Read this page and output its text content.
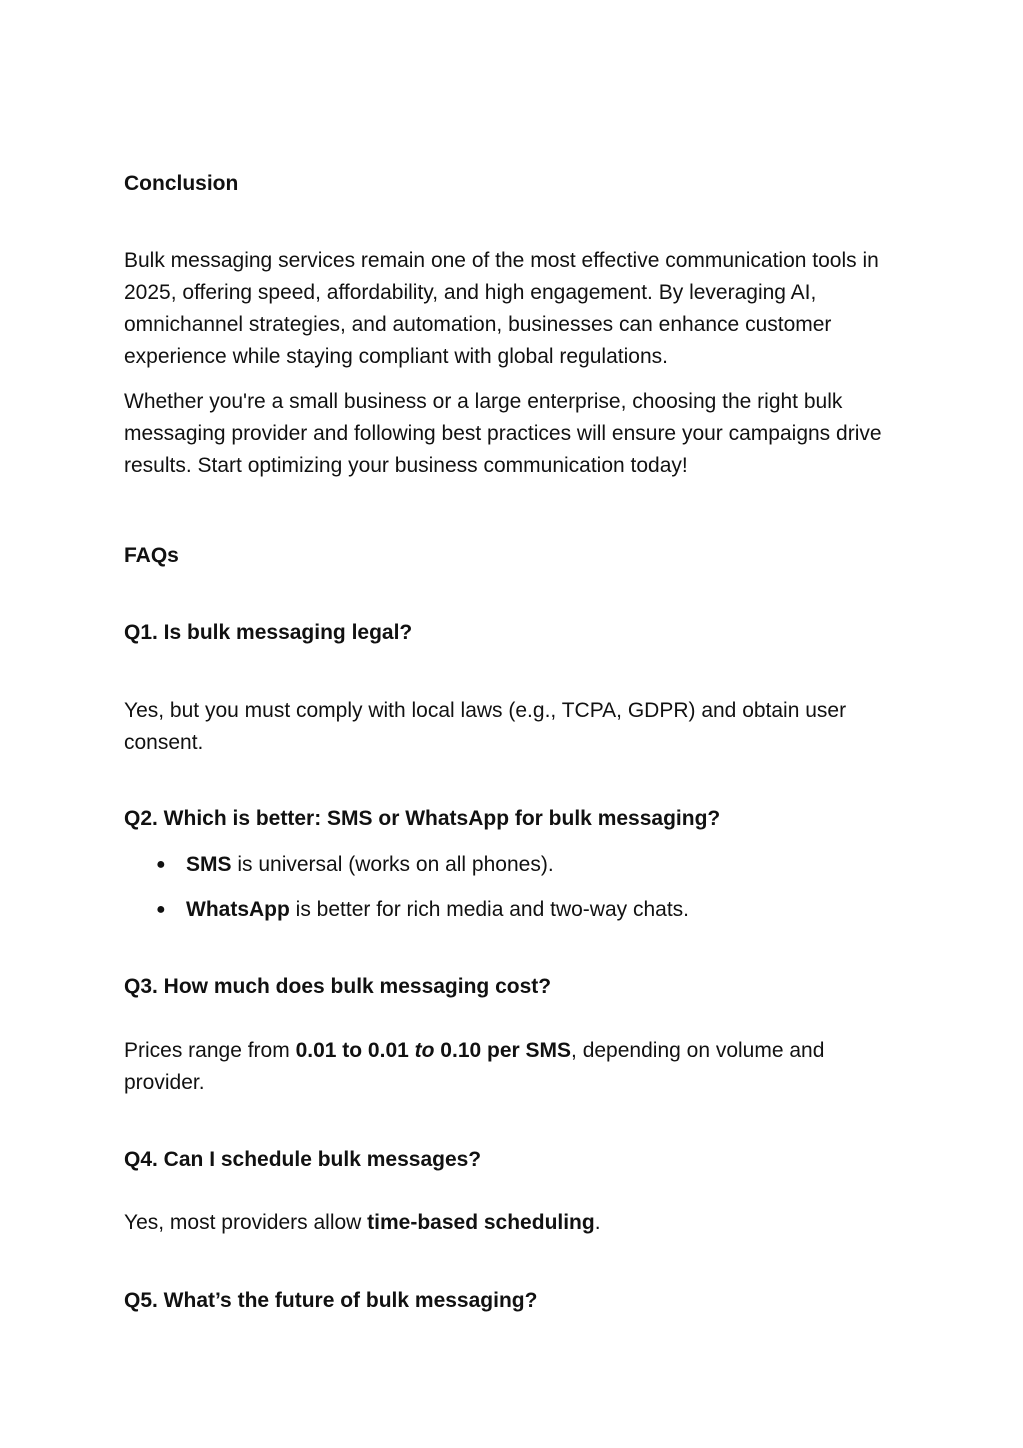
Conclusion

Bulk messaging services remain one of the most effective communication tools in 2025, offering speed, affordability, and high engagement. By leveraging AI, omnichannel strategies, and automation, businesses can enhance customer experience while staying compliant with global regulations.

Whether you're a small business or a large enterprise, choosing the right bulk messaging provider and following best practices will ensure your campaigns drive results. Start optimizing your business communication today!

FAQs

Q1. Is bulk messaging legal?

Yes, but you must comply with local laws (e.g., TCPA, GDPR) and obtain user consent.

Q2. Which is better: SMS or WhatsApp for bulk messaging?

● SMS is universal (works on all phones).
● WhatsApp is better for rich media and two-way chats.

Q3. How much does bulk messaging cost?

Prices range from 0.01 to 0.01 to 0.10 per SMS, depending on volume and provider.

Q4. Can I schedule bulk messages?

Yes, most providers allow time-based scheduling.

Q5. What’s the future of bulk messaging?
